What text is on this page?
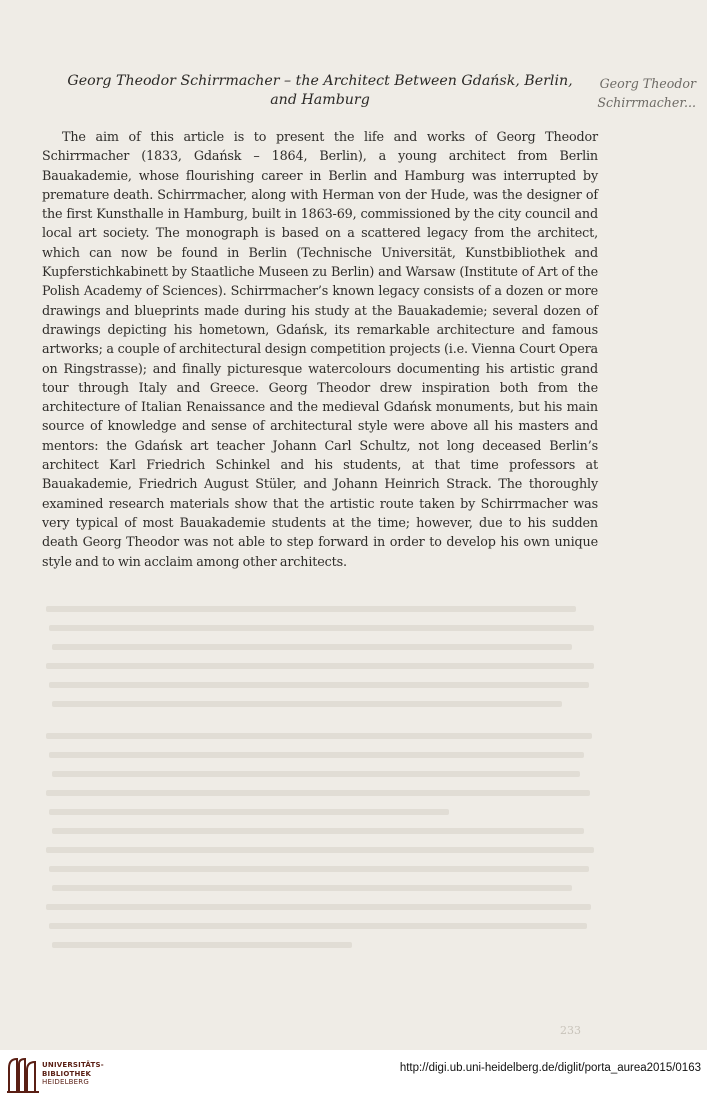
Georg Theodor Schirrmacher – the Architect Between Gdańsk, Berlin,
and Hamburg
Georg Theodor
Schirrmacher...

The aim of this article is to present the life and works of Georg Theodor Schirrmacher (1833, Gdańsk – 1864, Berlin), a young architect from Berlin Bauakademie, whose flourishing career in Berlin and Hamburg was interrupted by premature death. Schirrmacher, along with Herman von der Hude, was the designer of the first Kunsthalle in Hamburg, built in 1863-69, commissioned by the city council and local art society. The monograph is based on a scattered legacy from the architect, which can now be found in Berlin (Technische Universität, Kunstbibliothek and Kupferstichkabinett by Staatliche Museen zu Berlin) and Warsaw (Institute of Art of the Polish Academy of Sciences). Schirrmacher’s known legacy consists of a dozen or more drawings and blueprints made during his study at the Bauakademie; several dozen of drawings depicting his hometown, Gdańsk, its remarkable architecture and famous artworks; a couple of architectural design competition projects (i.e. Vienna Court Opera on Ringstrasse); and finally picturesque watercolours documenting his artistic grand tour through Italy and Greece. Georg Theodor drew inspiration both from the architecture of Italian Renaissance and the medieval Gdańsk monuments, but his main source of knowledge and sense of architectural style were above all his masters and mentors: the Gdańsk art teacher Johann Carl Schultz, not long deceased Berlin’s architect Karl Friedrich Schinkel and his students, at that time professors at Bauakademie, Friedrich August Stüler, and Johann Heinrich Strack. The thoroughly examined research materials show that the artistic route taken by Schirrmacher was very typical of most Bauakademie students at the time; however, due to his sudden death Georg Theodor was not able to step forward in order to develop his own unique style and to win acclaim among other architects.

233
UNIVERSITÄTS-
BIBLIOTHEK
HEIDELBERG
http://digi.ub.uni-heidelberg.de/diglit/porta_aurea2015/0163
